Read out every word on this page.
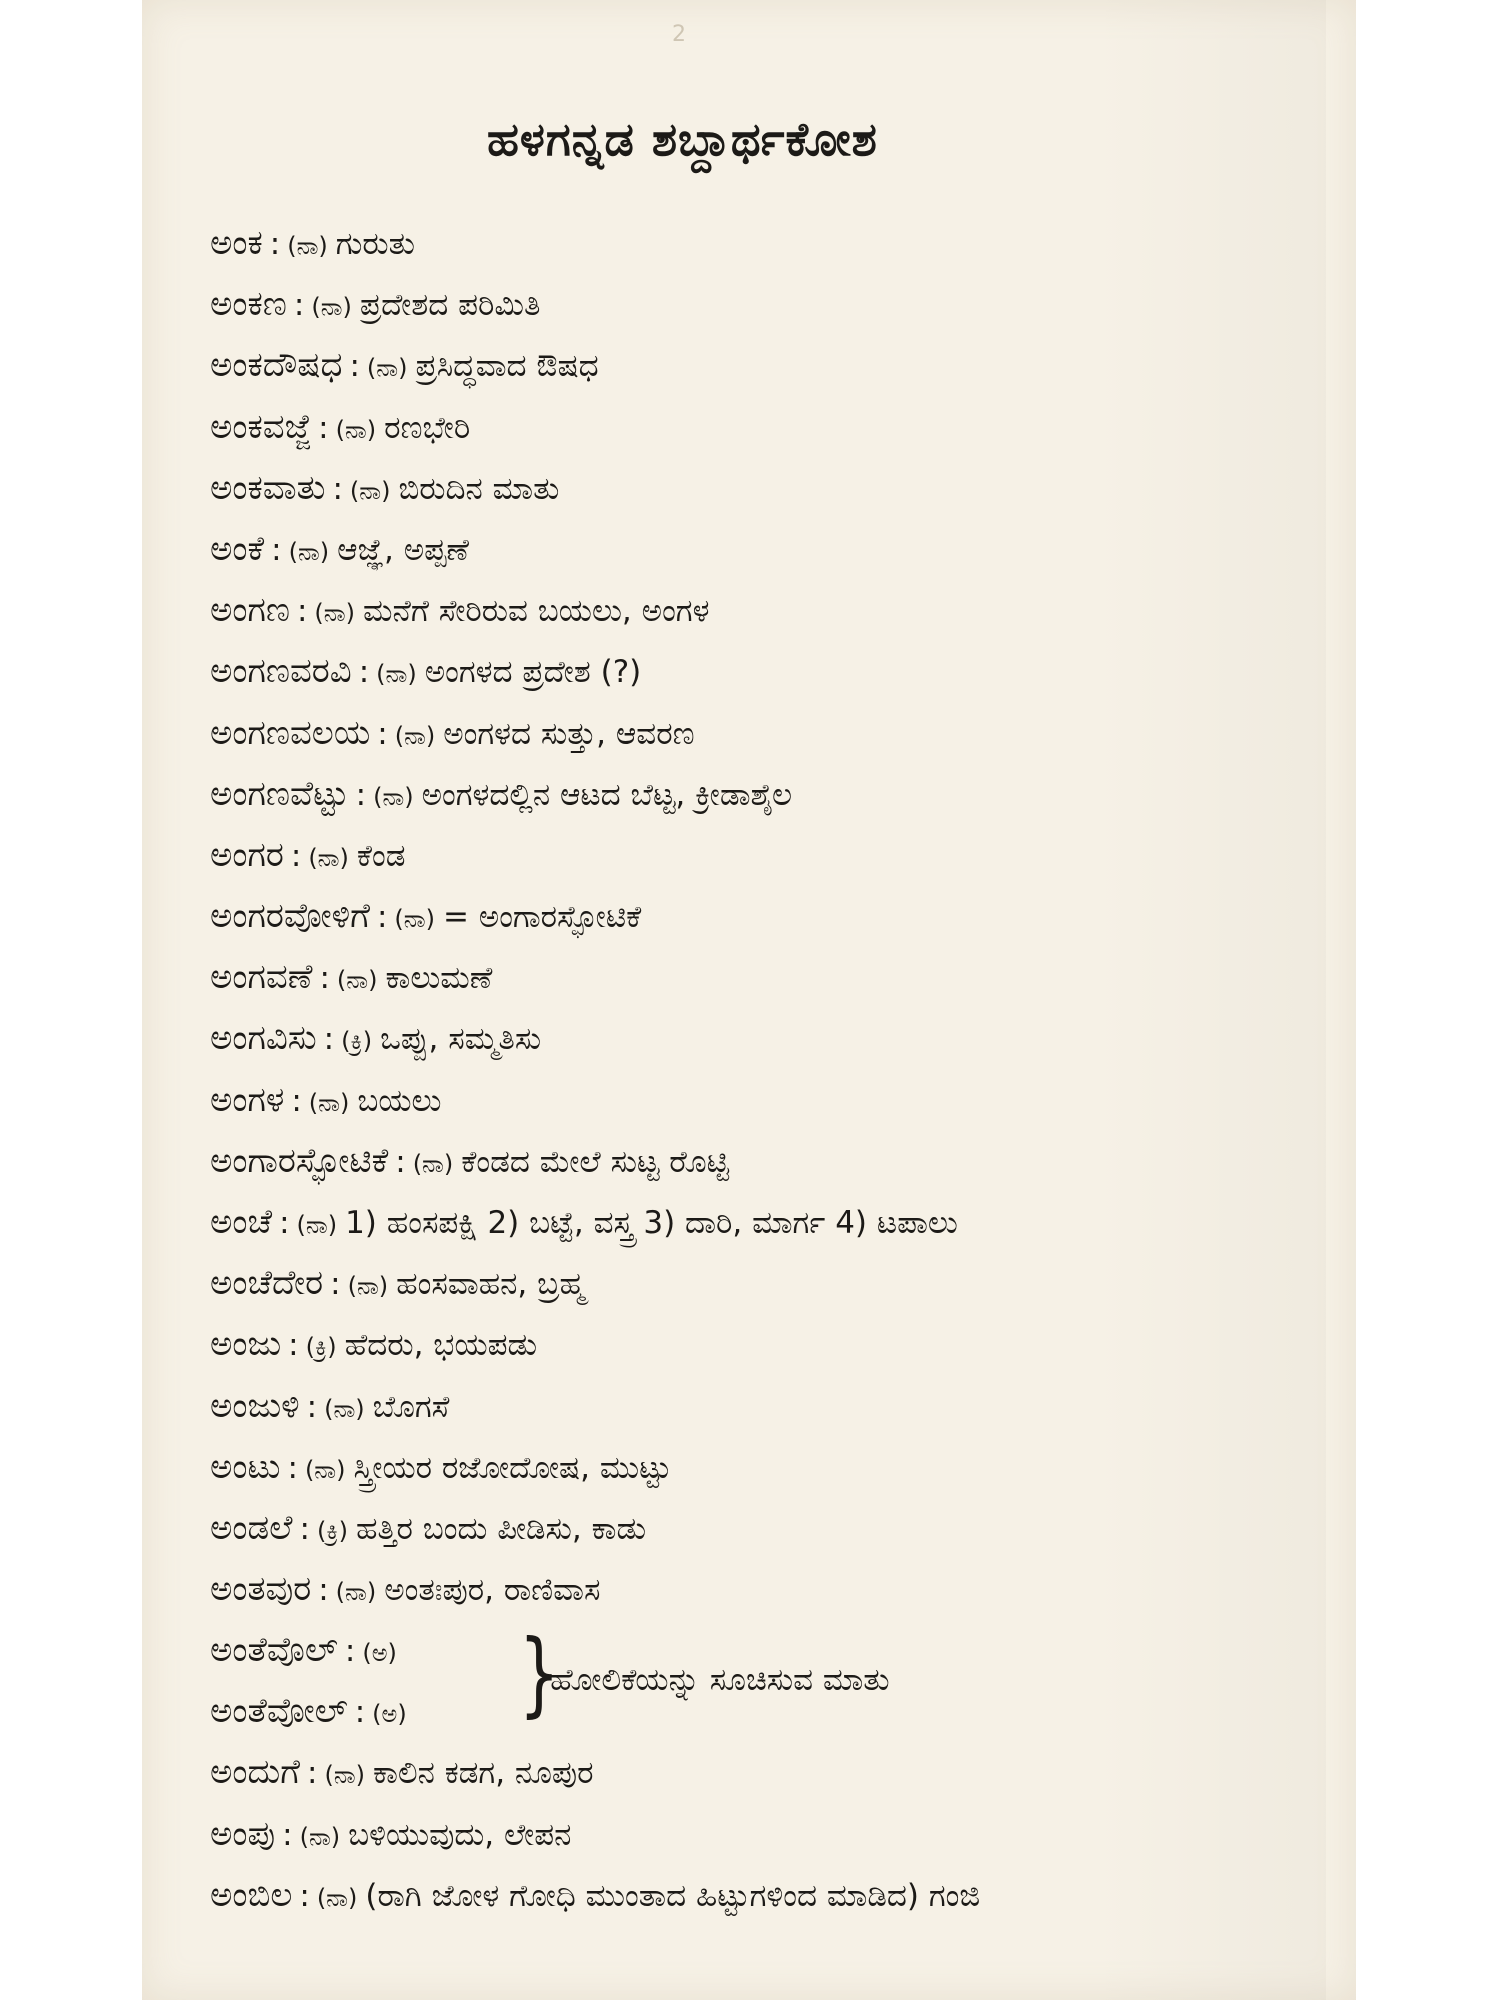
2
ಹಳಗನ್ನಡ ಶಬ್ದಾರ್ಥಕೋಶ
ಅಂಕ : (ನಾ) ಗುರುತು
ಅಂಕಣ : (ನಾ) ಪ್ರದೇಶದ ಪರಿಮಿತಿ
ಅಂಕದೌಷಧ : (ನಾ) ಪ್ರಸಿದ್ಧವಾದ ಔಷಧ
ಅಂಕವಜ್ಜೆ : (ನಾ) ರಣಭೇರಿ
ಅಂಕವಾತು : (ನಾ) ಬಿರುದಿನ ಮಾತು
ಅಂಕೆ : (ನಾ) ಆಜ್ಞೆ, ಅಪ್ಪಣೆ
ಅಂಗಣ : (ನಾ) ಮನೆಗೆ ಸೇರಿರುವ ಬಯಲು, ಅಂಗಳ
ಅಂಗಣವರವಿ : (ನಾ) ಅಂಗಳದ ಪ್ರದೇಶ (?)
ಅಂಗಣವಲಯ : (ನಾ) ಅಂಗಳದ ಸುತ್ತು, ಆವರಣ
ಅಂಗಣವೆಟ್ಟು : (ನಾ) ಅಂಗಳದಲ್ಲಿನ ಆಟದ ಬೆಟ್ಟ, ಕ್ರೀಡಾಶೈಲ
ಅಂಗರ : (ನಾ) ಕೆಂಡ
ಅಂಗರವೋಳಿಗೆ : (ನಾ) = ಅಂಗಾರಸ್ಫೋಟಿಕೆ
ಅಂಗವಣೆ : (ನಾ) ಕಾಲುಮಣೆ
ಅಂಗವಿಸು : (ಕ್ರಿ) ಒಪ್ಪು, ಸಮ್ಮತಿಸು
ಅಂಗಳ : (ನಾ) ಬಯಲು
ಅಂಗಾರಸ್ಫೋಟಿಕೆ : (ನಾ) ಕೆಂಡದ ಮೇಲೆ ಸುಟ್ಟ ರೊಟ್ಟಿ
ಅಂಚೆ : (ನಾ) 1) ಹಂಸಪಕ್ಷಿ 2) ಬಟ್ಟೆ, ವಸ್ತ್ರ 3) ದಾರಿ, ಮಾರ್ಗ 4) ಟಪಾಲು
ಅಂಚೆದೇರ : (ನಾ) ಹಂಸವಾಹನ, ಬ್ರಹ್ಮ
ಅಂಜು : (ಕ್ರಿ) ಹೆದರು, ಭಯಪಡು
ಅಂಜುಳಿ : (ನಾ) ಬೊಗಸೆ
ಅಂಟು : (ನಾ) ಸ್ತ್ರೀಯರ ರಜೋದೋಷ, ಮುಟ್ಟು
ಅಂಡಲೆ : (ಕ್ರಿ) ಹತ್ತಿರ ಬಂದು ಪೀಡಿಸು, ಕಾಡು
ಅಂತವುರ : (ನಾ) ಅಂತಃಪುರ, ರಾಣಿವಾಸ
ಅಂತೆವೊಲ್ : (ಅ)
ಅಂತೆವೋಲ್ : (ಅ) }
ಹೋಲಿಕೆಯನ್ನು ಸೂಚಿಸುವ ಮಾತು
ಅಂದುಗೆ : (ನಾ) ಕಾಲಿನ ಕಡಗ, ನೂಪುರ
ಅಂಪು : (ನಾ) ಬಳಿಯುವುದು, ಲೇಪನ
ಅಂಬಿಲ : (ನಾ) (ರಾಗಿ ಜೋಳ ಗೋಧಿ ಮುಂತಾದ ಹಿಟ್ಟುಗಳಿಂದ ಮಾಡಿದ) ಗಂಜಿ
